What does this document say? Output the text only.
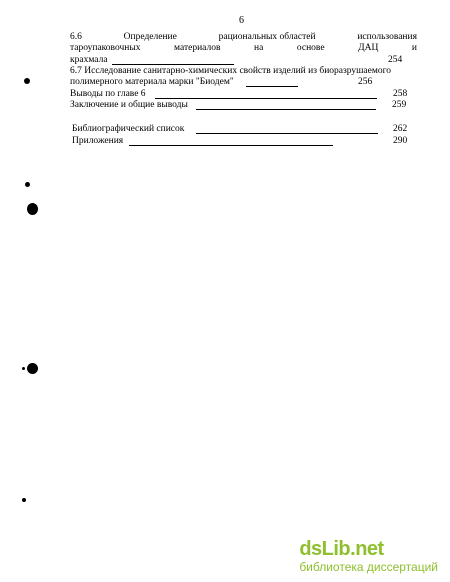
6
6.6	Определение	рациональных областей	использования
тароупаковочных	материалов	на	основе	ДАЦ	и
крахмала	254
6.7 Исследование санитарно-химических свойств изделий из биоразрушаемого
полимерного материала марки "Биодем"	256
Выводы по главе 6	258
Заключение и общие выводы	259
Библиографический список	262
Приложения	290
dsLib.net
библиотека диссертаций
